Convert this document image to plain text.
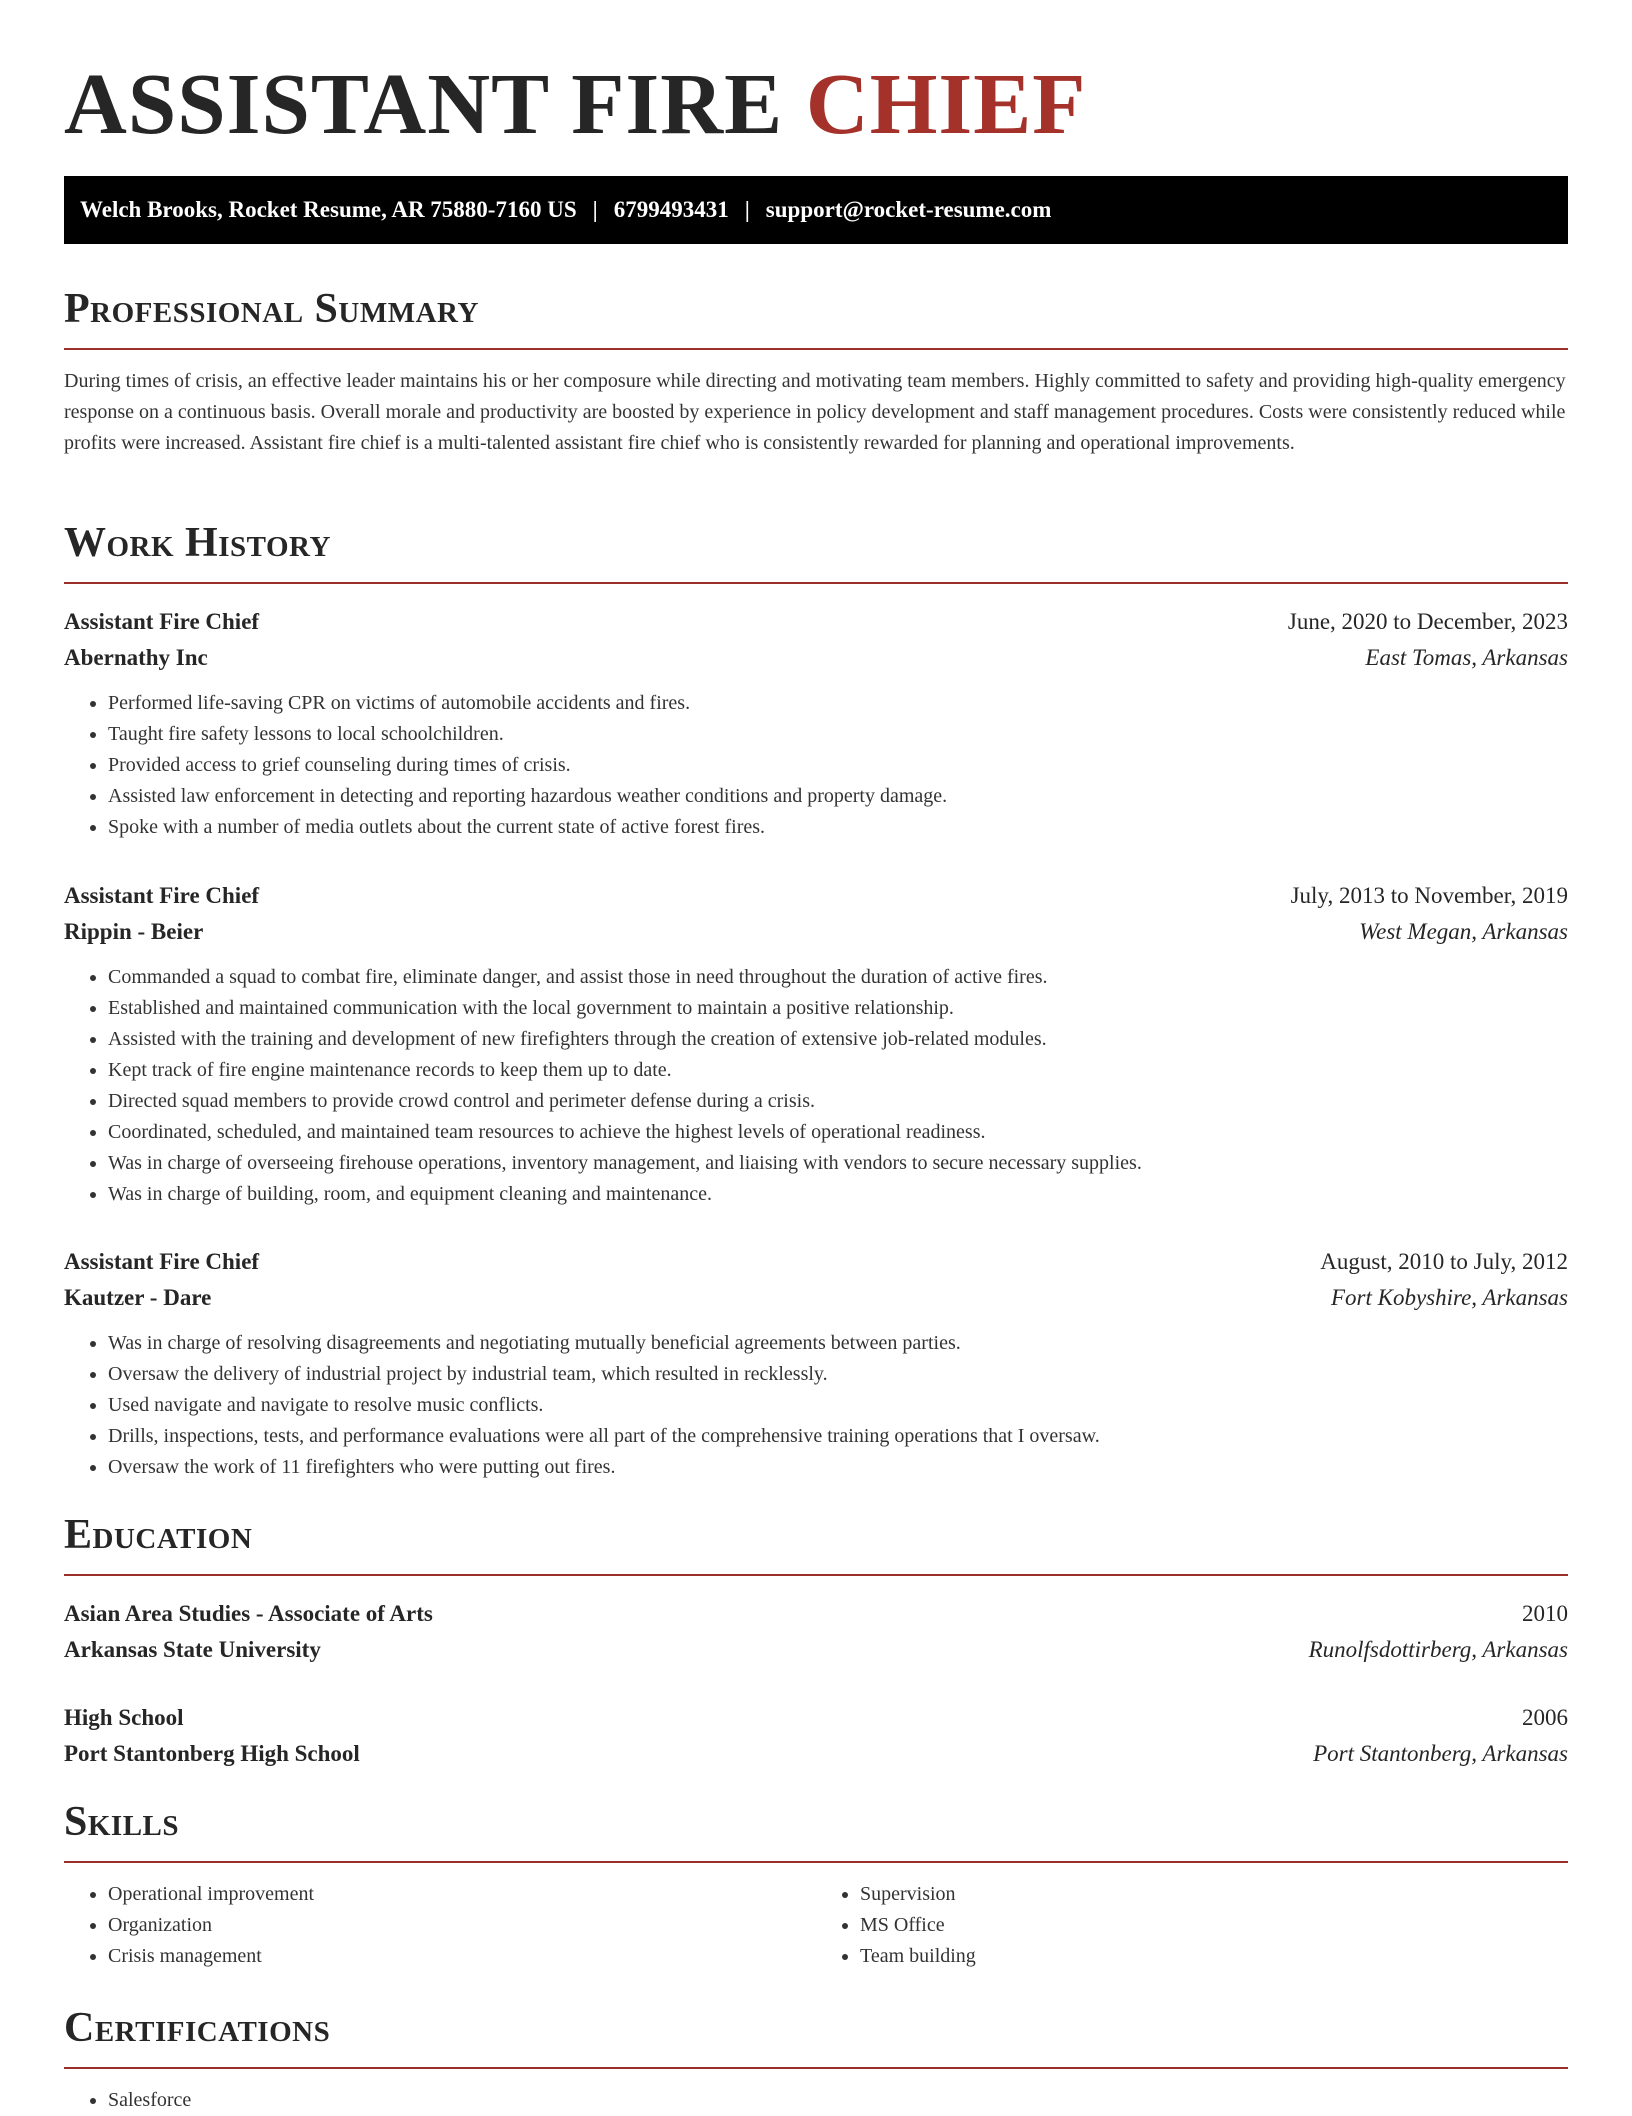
ASSISTANT FIRE CHIEF
Welch Brooks, Rocket Resume, AR 75880-7160 US | 6799493431 | support@rocket-resume.com
Professional Summary

During times of crisis, an effective leader maintains his or her composure while directing and motivating team members. Highly committed to safety and providing high-quality emergency response on a continuous basis. Overall morale and productivity are boosted by experience in policy development and staff management procedures. Costs were consistently reduced while profits were increased. Assistant fire chief is a multi-talented assistant fire chief who is consistently rewarded for planning and operational improvements.

Work History
Assistant Fire Chief	June, 2020 to December, 2023
Abernathy Inc	East Tomas, Arkansas
• Performed life-saving CPR on victims of automobile accidents and fires.
• Taught fire safety lessons to local schoolchildren.
• Provided access to grief counseling during times of crisis.
• Assisted law enforcement in detecting and reporting hazardous weather conditions and property damage.
• Spoke with a number of media outlets about the current state of active forest fires.
Assistant Fire Chief	July, 2013 to November, 2019
Rippin - Beier	West Megan, Arkansas
• Commanded a squad to combat fire, eliminate danger, and assist those in need throughout the duration of active fires.
• Established and maintained communication with the local government to maintain a positive relationship.
• Assisted with the training and development of new firefighters through the creation of extensive job-related modules.
• Kept track of fire engine maintenance records to keep them up to date.
• Directed squad members to provide crowd control and perimeter defense during a crisis.
• Coordinated, scheduled, and maintained team resources to achieve the highest levels of operational readiness.
• Was in charge of overseeing firehouse operations, inventory management, and liaising with vendors to secure necessary supplies.
• Was in charge of building, room, and equipment cleaning and maintenance.
Assistant Fire Chief	August, 2010 to July, 2012
Kautzer - Dare	Fort Kobyshire, Arkansas
• Was in charge of resolving disagreements and negotiating mutually beneficial agreements between parties.
• Oversaw the delivery of industrial project by industrial team, which resulted in recklessly.
• Used navigate and navigate to resolve music conflicts.
• Drills, inspections, tests, and performance evaluations were all part of the comprehensive training operations that I oversaw.
• Oversaw the work of 11 firefighters who were putting out fires.
Education
Asian Area Studies - Associate of Arts	2010
Arkansas State University	Runolfsdottirberg, Arkansas
High School	2006
Port Stantonberg High School	Port Stantonberg, Arkansas
Skills
• Operational improvement
• Organization
• Crisis management
• Supervision
• MS Office
• Team building
Certifications
• Salesforce
